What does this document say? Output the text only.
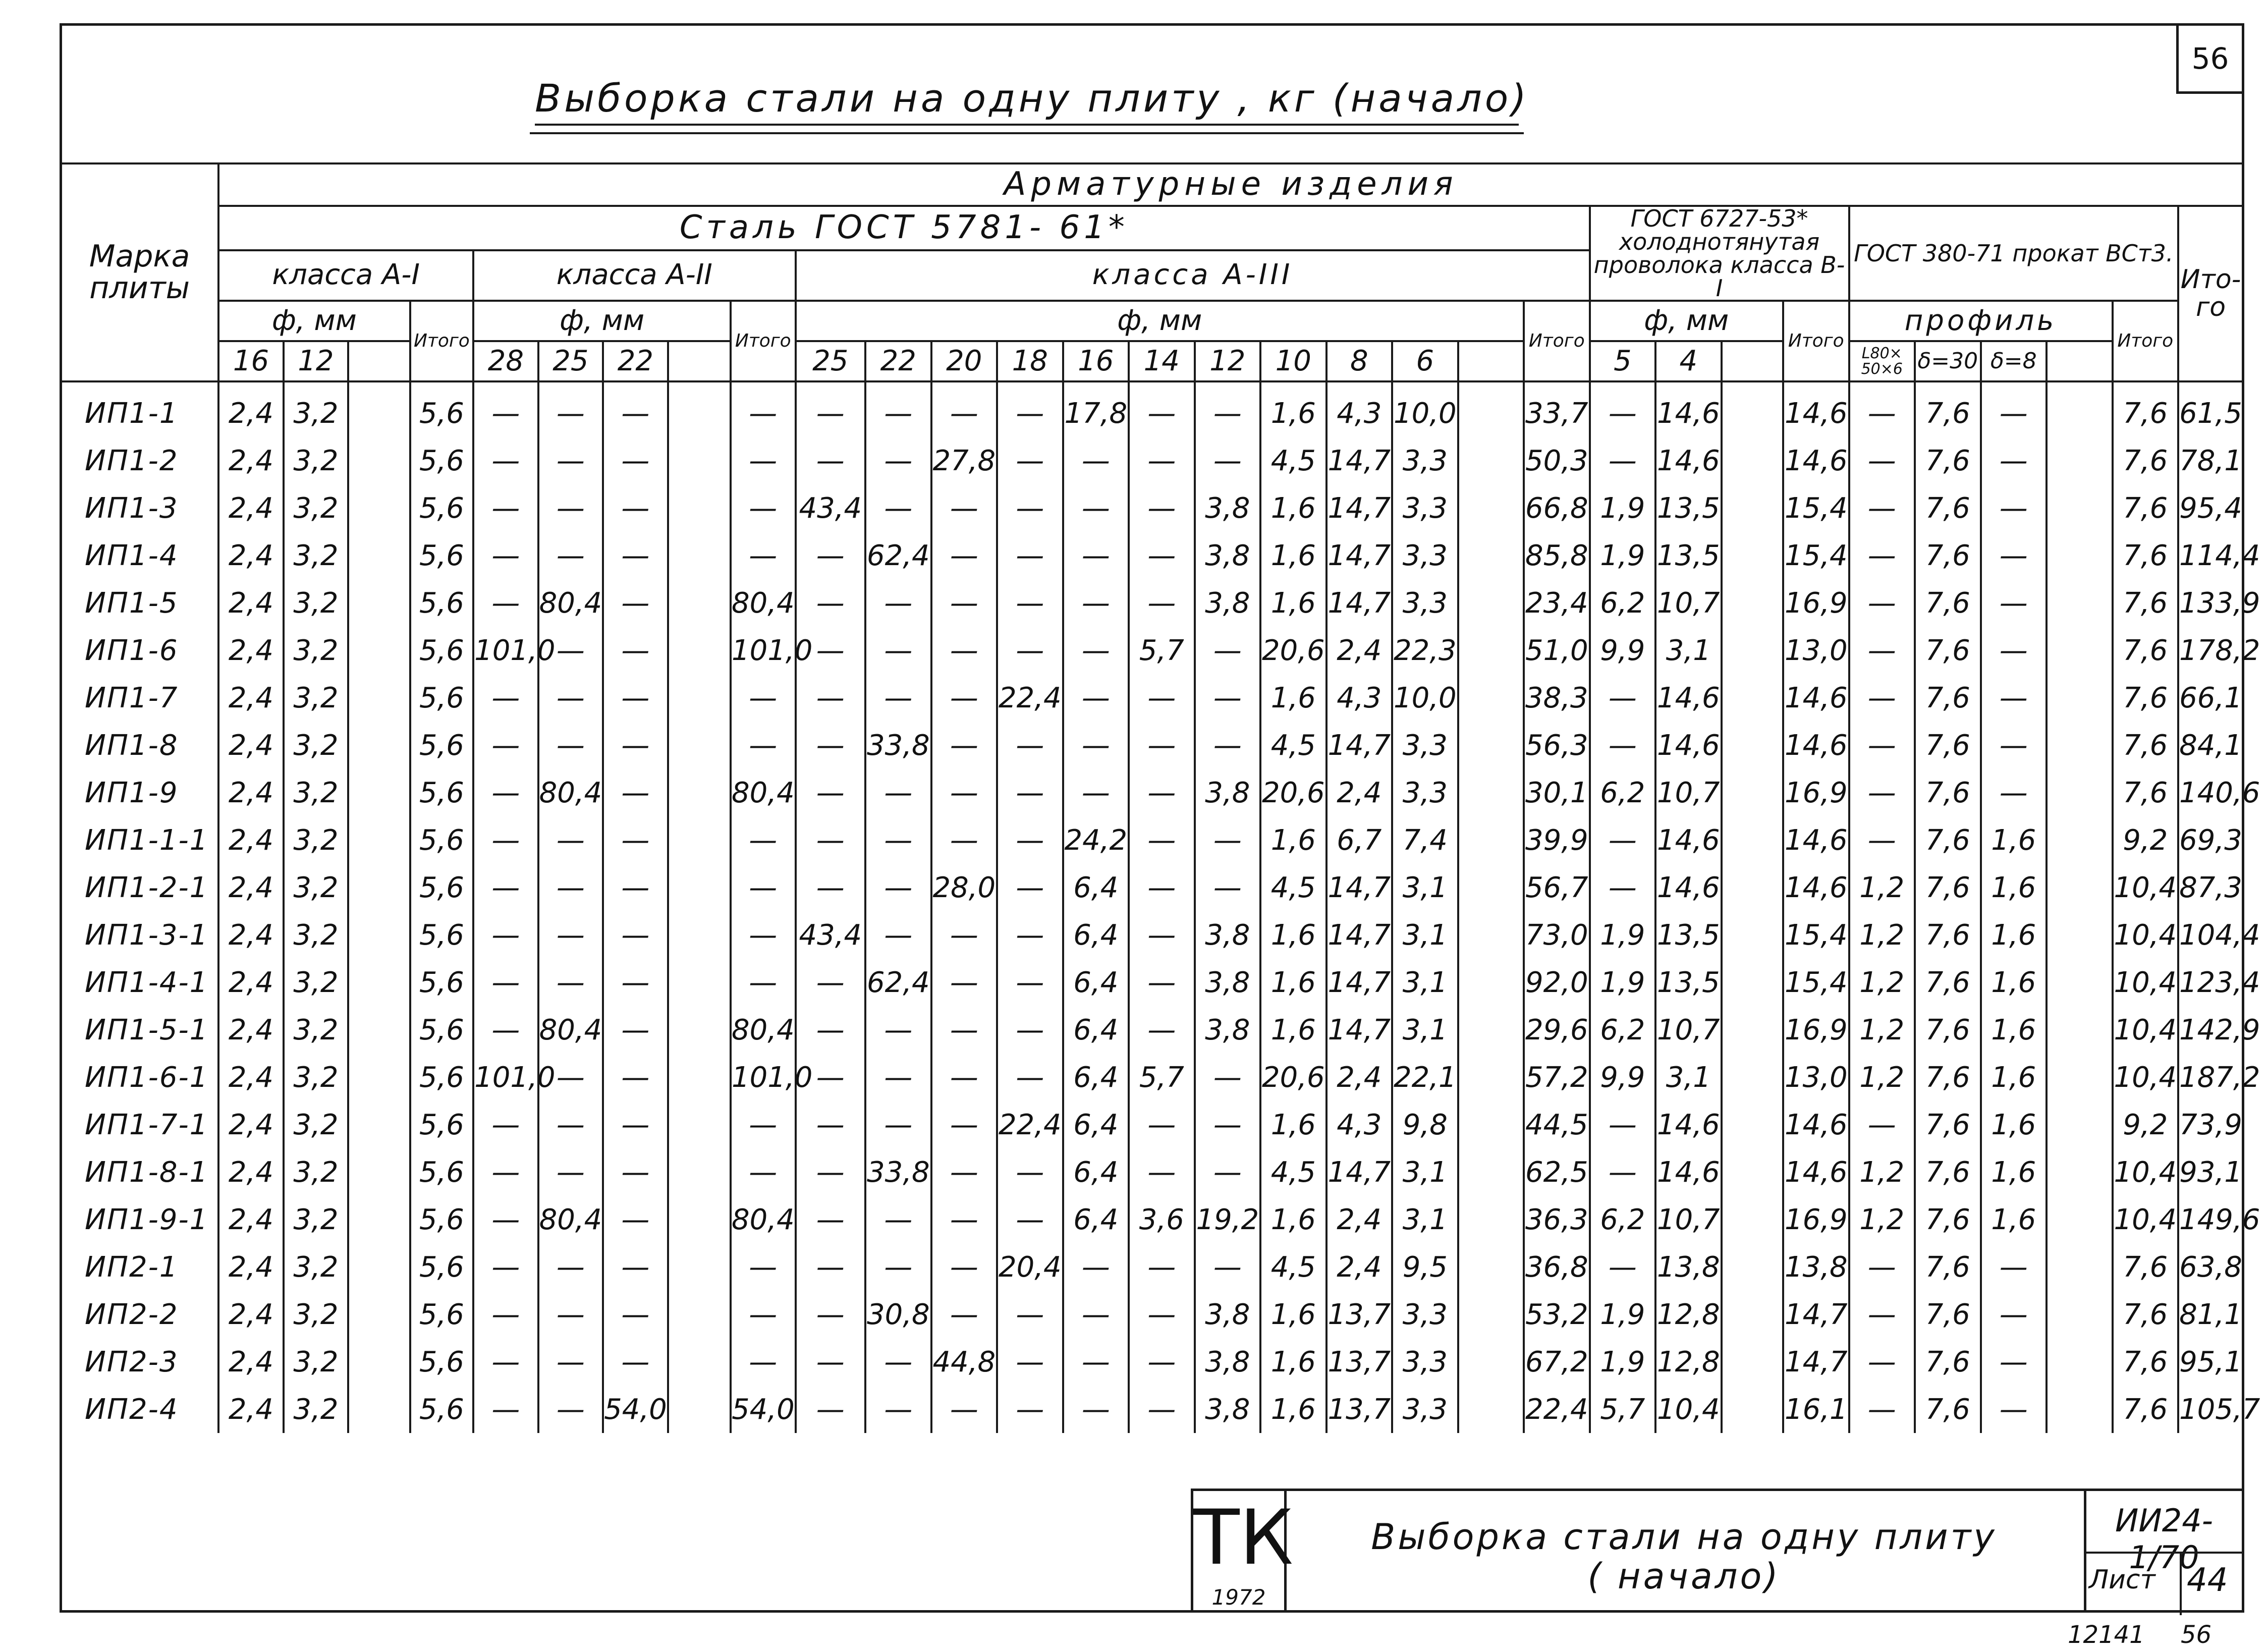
56
Выборка стали на одну плиту , кг (начало)
Марка плиты	Арматурные изделия																														
	Сталь ГОСТ 5781- 61*																					ГОСТ 6727-53* холоднотянутая проволока класса В-I				ГОСТ 380-71 прокат ВСт3.					Ито- го
	класса А-I				класса А-II					класса А-III																					
	ф, мм			Итого	ф, мм				Итого	ф, мм											Итого	ф, мм			Итого	профиль				Итого	
	16	12			28	25	22			25	22	20	18	16	14	12	10	8	6			5	4			L80× 50×6	δ=30	δ=8			
ИП1-1	2,4	3,2		5,6	—	—	—		—	—	—	—	—	17,8	—	—	1,6	4,3	10,0		33,7	—	14,6		14,6	—	7,6	—		7,6	61,5
ИП1-2	2,4	3,2		5,6	—	—	—		—	—	—	27,8	—	—	—	—	4,5	14,7	3,3		50,3	—	14,6		14,6	—	7,6	—		7,6	78,1
ИП1-3	2,4	3,2		5,6	—	—	—		—	43,4	—	—	—	—	—	3,8	1,6	14,7	3,3		66,8	1,9	13,5		15,4	—	7,6	—		7,6	95,4
ИП1-4	2,4	3,2		5,6	—	—	—		—	—	62,4	—	—	—	—	3,8	1,6	14,7	3,3		85,8	1,9	13,5		15,4	—	7,6	—		7,6	114,4
ИП1-5	2,4	3,2		5,6	—	80,4	—		80,4	—	—	—	—	—	—	3,8	1,6	14,7	3,3		23,4	6,2	10,7		16,9	—	7,6	—		7,6	133,9
ИП1-6	2,4	3,2		5,6	101,0	—	—		101,0	—	—	—	—	—	5,7	—	20,6	2,4	22,3		51,0	9,9	3,1		13,0	—	7,6	—		7,6	178,2
ИП1-7	2,4	3,2		5,6	—	—	—		—	—	—	—	22,4	—	—	—	1,6	4,3	10,0		38,3	—	14,6		14,6	—	7,6	—		7,6	66,1
ИП1-8	2,4	3,2		5,6	—	—	—		—	—	33,8	—	—	—	—	—	4,5	14,7	3,3		56,3	—	14,6		14,6	—	7,6	—		7,6	84,1
ИП1-9	2,4	3,2		5,6	—	80,4	—		80,4	—	—	—	—	—	—	3,8	20,6	2,4	3,3		30,1	6,2	10,7		16,9	—	7,6	—		7,6	140,6
ИП1-1-1	2,4	3,2		5,6	—	—	—		—	—	—	—	—	24,2	—	—	1,6	6,7	7,4		39,9	—	14,6		14,6	—	7,6	1,6		9,2	69,3
ИП1-2-1	2,4	3,2		5,6	—	—	—		—	—	—	28,0	—	6,4	—	—	4,5	14,7	3,1		56,7	—	14,6		14,6	1,2	7,6	1,6		10,4	87,3
ИП1-3-1	2,4	3,2		5,6	—	—	—		—	43,4	—	—	—	6,4	—	3,8	1,6	14,7	3,1		73,0	1,9	13,5		15,4	1,2	7,6	1,6		10,4	104,4
ИП1-4-1	2,4	3,2		5,6	—	—	—		—	—	62,4	—	—	6,4	—	3,8	1,6	14,7	3,1		92,0	1,9	13,5		15,4	1,2	7,6	1,6		10,4	123,4
ИП1-5-1	2,4	3,2		5,6	—	80,4	—		80,4	—	—	—	—	6,4	—	3,8	1,6	14,7	3,1		29,6	6,2	10,7		16,9	1,2	7,6	1,6		10,4	142,9
ИП1-6-1	2,4	3,2		5,6	101,0	—	—		101,0	—	—	—	—	6,4	5,7	—	20,6	2,4	22,1		57,2	9,9	3,1		13,0	1,2	7,6	1,6		10,4	187,2
ИП1-7-1	2,4	3,2		5,6	—	—	—		—	—	—	—	22,4	6,4	—	—	1,6	4,3	9,8		44,5	—	14,6		14,6	—	7,6	1,6		9,2	73,9
ИП1-8-1	2,4	3,2		5,6	—	—	—		—	—	33,8	—	—	6,4	—	—	4,5	14,7	3,1		62,5	—	14,6		14,6	1,2	7,6	1,6		10,4	93,1
ИП1-9-1	2,4	3,2		5,6	—	80,4	—		80,4	—	—	—	—	6,4	3,6	19,2	1,6	2,4	3,1		36,3	6,2	10,7		16,9	1,2	7,6	1,6		10,4	149,6
ИП2-1	2,4	3,2		5,6	—	—	—		—	—	—	—	20,4	—	—	—	4,5	2,4	9,5		36,8	—	13,8		13,8	—	7,6	—		7,6	63,8
ИП2-2	2,4	3,2		5,6	—	—	—		—	—	30,8	—	—	—	—	3,8	1,6	13,7	3,3		53,2	1,9	12,8		14,7	—	7,6	—		7,6	81,1
ИП2-3	2,4	3,2		5,6	—	—	—		—	—	—	44,8	—	—	—	3,8	1,6	13,7	3,3		67,2	1,9	12,8		14,7	—	7,6	—		7,6	95,1
ИП2-4	2,4	3,2		5,6	—	—	54,0		54,0	—	—	—	—	—	—	3,8	1,6	13,7	3,3		22,4	5,7	10,4		16,1	—	7,6	—		7,6	105,7
ТК
1972
Выборка стали на одну плиту
( начало)
ИИ24-1/70
Лист 44
12141 56
